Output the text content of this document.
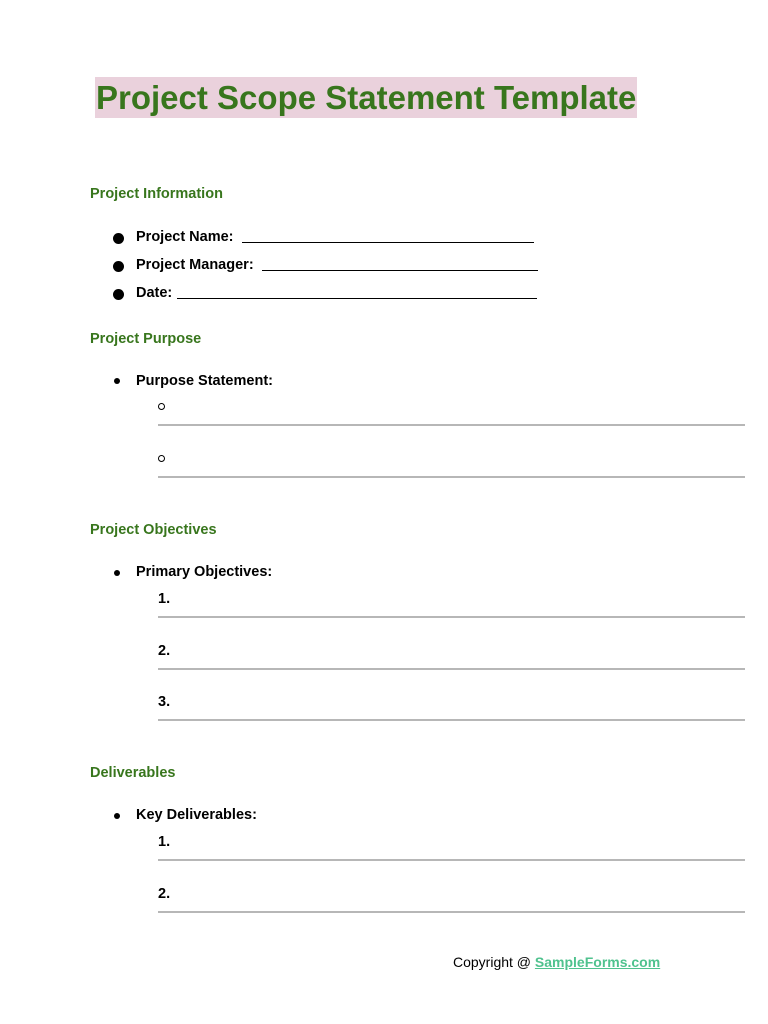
Project Scope Statement Template
Project Information
Project Name:
Project Manager:
Date:
Project Purpose
Purpose Statement:
Project Objectives
Primary Objectives:
1.
2.
3.
Deliverables
Key Deliverables:
1.
2.
Copyright @ SampleForms.com
